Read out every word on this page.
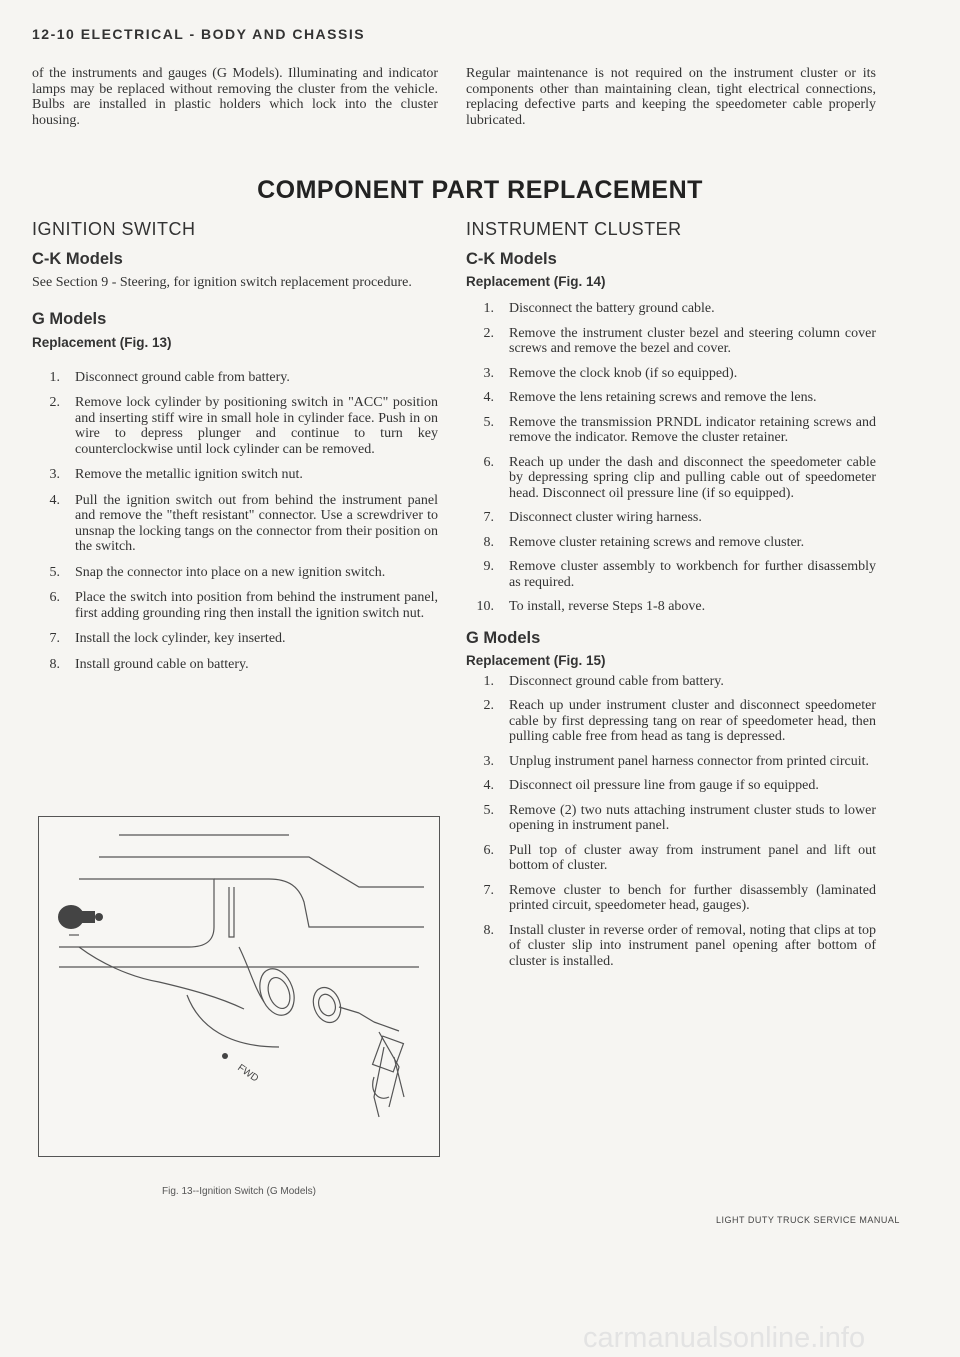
12-10 ELECTRICAL - BODY AND CHASSIS

of the instruments and gauges (G Models). Illuminating and indicator lamps may be replaced without removing the cluster from the vehicle. Bulbs are installed in plastic holders which lock into the cluster housing.

Regular maintenance is not required on the instrument cluster or its components other than maintaining clean, tight electrical connections, replacing defective parts and keeping the speedometer cable properly lubricated.

COMPONENT PART REPLACEMENT
IGNITION SWITCH
C-K Models

See Section 9 - Steering, for ignition switch replacement procedure.

G Models
Replacement (Fig. 13)
1. Disconnect ground cable from battery.
2. Remove lock cylinder by positioning switch in "ACC" position and inserting stiff wire in small hole in cylinder face. Push in on wire to depress plunger and continue to turn key counterclockwise until lock cylinder can be removed.
3. Remove the metallic ignition switch nut.
4. Pull the ignition switch out from behind the instrument panel and remove the "theft resistant" connector. Use a screwdriver to unsnap the locking tangs on the connector from their position on the switch.
5. Snap the connector into place on a new ignition switch.
6. Place the switch into position from behind the instrument panel, first adding grounding ring then install the ignition switch nut.
7. Install the lock cylinder, key inserted.
8. Install ground cable on battery.
FWD
Fig. 13--Ignition Switch (G Models)
INSTRUMENT CLUSTER
C-K Models
Replacement (Fig. 14)
1. Disconnect the battery ground cable.
2. Remove the instrument cluster bezel and steering column cover screws and remove the bezel and cover.
3. Remove the clock knob (if so equipped).
4. Remove the lens retaining screws and remove the lens.
5. Remove the transmission PRNDL indicator retaining screws and remove the indicator. Remove the cluster retainer.
6. Reach up under the dash and disconnect the speedometer cable by depressing spring clip and pulling cable out of speedometer head. Disconnect oil pressure line (if so equipped).
7. Disconnect cluster wiring harness.
8. Remove cluster retaining screws and remove cluster.
9. Remove cluster assembly to workbench for further disassembly as required.
10. To install, reverse Steps 1-8 above.
G Models
Replacement (Fig. 15)
1. Disconnect ground cable from battery.
2. Reach up under instrument cluster and disconnect speedometer cable by first depressing tang on rear of speedometer head, then pulling cable free from head as tang is depressed.
3. Unplug instrument panel harness connector from printed circuit.
4. Disconnect oil pressure line from gauge if so equipped.
5. Remove (2) two nuts attaching instrument cluster studs to lower opening in instrument panel.
6. Pull top of cluster away from instrument panel and lift out bottom of cluster.
7. Remove cluster to bench for further disassembly (laminated printed circuit, speedometer head, gauges).
8. Install cluster in reverse order of removal, noting that clips at top of cluster slip into instrument panel opening after bottom of cluster is installed.
LIGHT DUTY TRUCK SERVICE MANUAL
carmanualsonline.info
